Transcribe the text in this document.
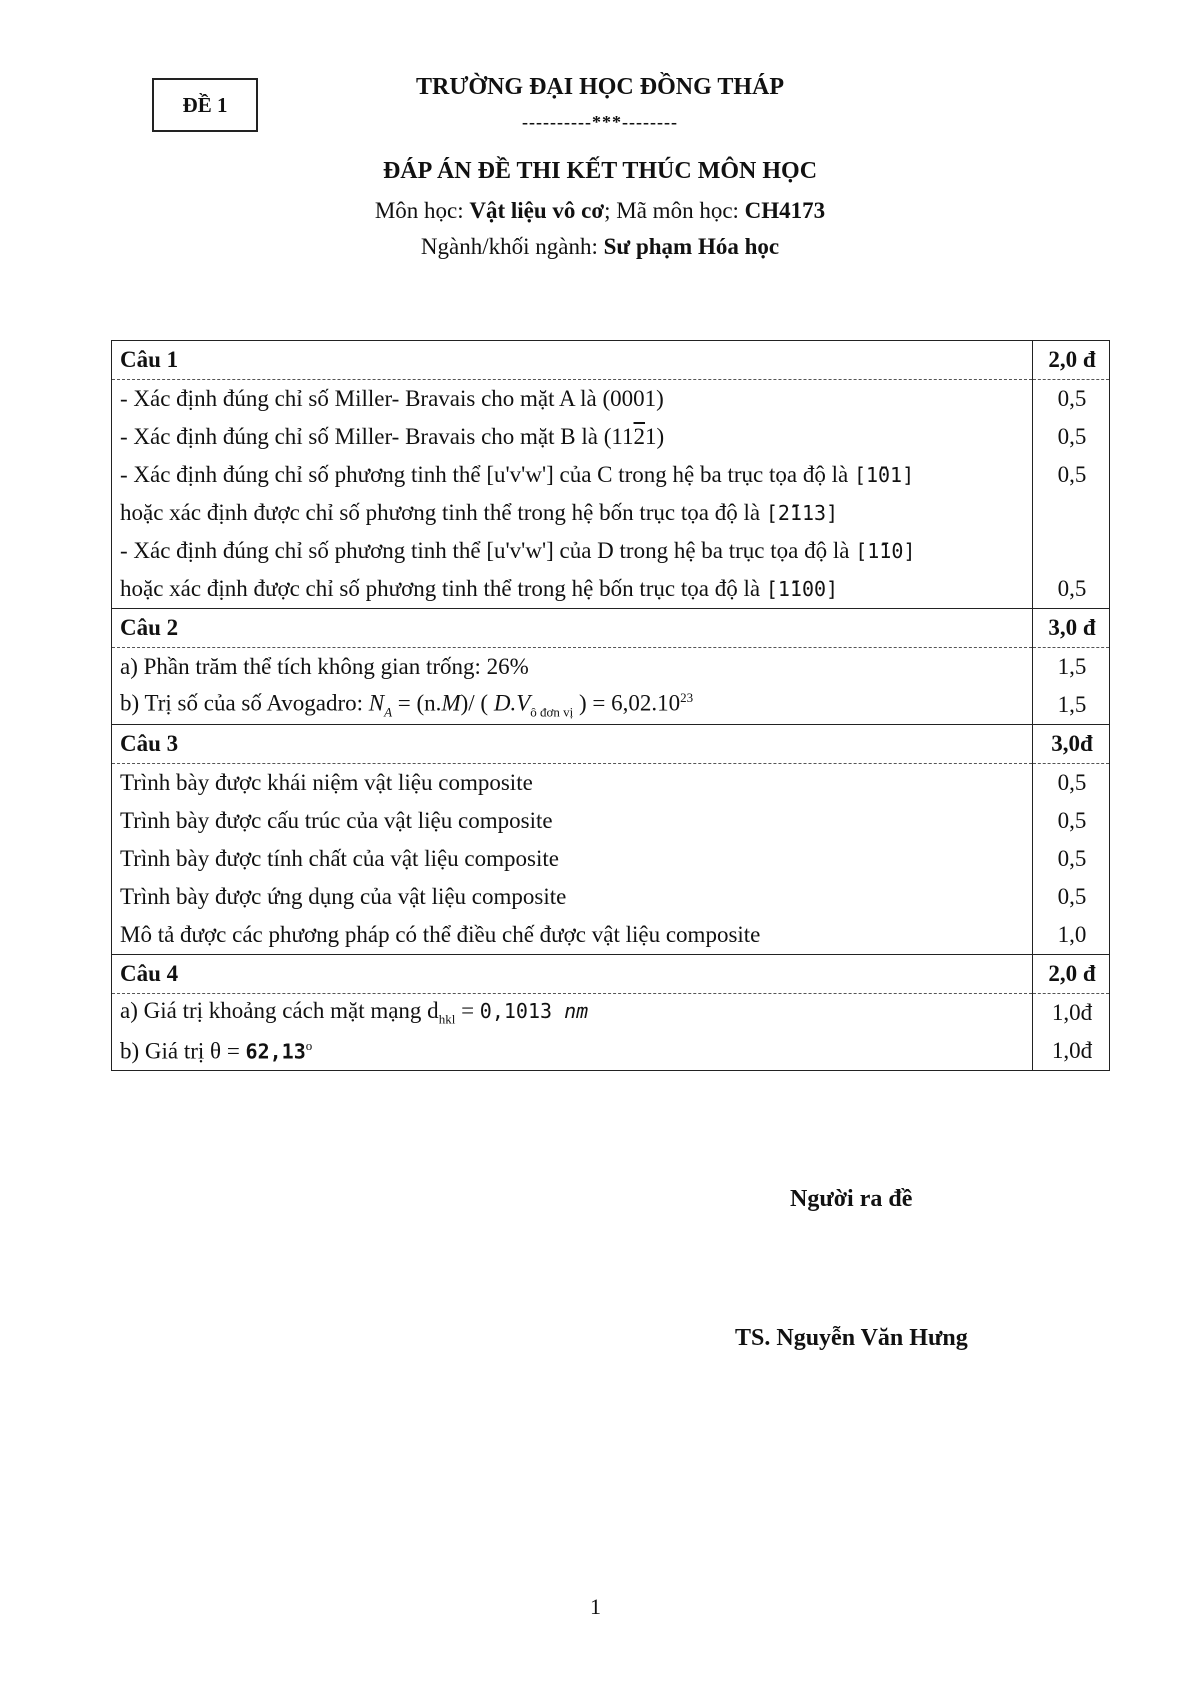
ĐỀ 1
TRƯỜNG ĐẠI HỌC ĐỒNG THÁP
----------***--------
ĐÁP ÁN ĐỀ THI KẾT THÚC MÔN HỌC
Môn học: Vật liệu vô cơ; Mã môn học: CH4173
Ngành/khối ngành: Sư phạm Hóa học
Câu 1	2,0 đ
- Xác định đúng chỉ số Miller- Bravais cho mặt A là (0001)	0,5
- Xác định đúng chỉ số Miller- Bravais cho mặt B là (1121)	0,5
- Xác định đúng chỉ số phương tinh thể [u'v'w'] của C trong hệ ba trục tọa độ là [1̄01]	0,5
hoặc xác định được chỉ số phương tinh thể trong hệ bốn trục tọa độ là [2̄113]	
- Xác định đúng chỉ số phương tinh thể [u'v'w'] của D trong hệ ba trục tọa độ là [1̄10]	
hoặc xác định được chỉ số phương tinh thể trong hệ bốn trục tọa độ là [1̄100]	0,5
Câu 2	3,0 đ
a) Phần trăm thể tích không gian trống: 26%	1,5
b) Trị số của số Avogadro: $N_A = (n.M)/$ ( $D.V_{ô đơn vị}$ ) = $6,02.10^{23}$	1,5
Câu 3	3,0đ
Trình bày được khái niệm vật liệu composite	0,5
Trình bày được cấu trúc của vật liệu composite	0,5
Trình bày được tính chất của vật liệu composite	0,5
Trình bày được ứng dụng của vật liệu composite	0,5
Mô tả được các phương pháp có thể điều chế được vật liệu composite	1,0
Câu 4	2,0 đ
a) Giá trị khoảng cách mặt mạng $d_{hkl} = 0,1013$ nm	1,0đ
b) Giá trị $\theta = 62,13^o$	1,0đ
Người ra đề
TS. Nguyễn Văn Hưng
1
